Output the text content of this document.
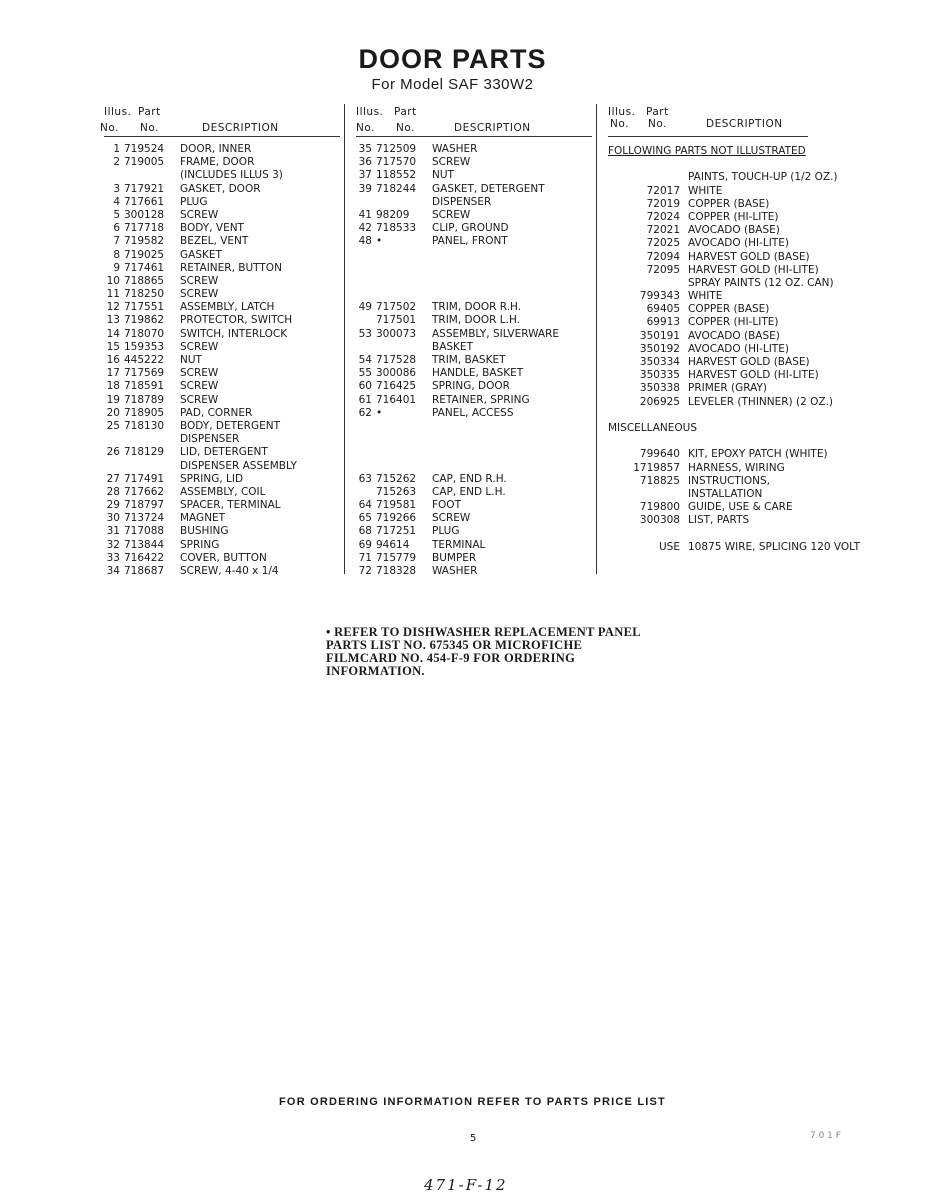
DOOR PARTS
For Model SAF 330W2
Illus. Part
No. No.	DESCRIPTION
1 719524	DOOR, INNER
2 719005	FRAME, DOOR
(INCLUDES ILLUS 3)
3 717921	GASKET, DOOR
4 717661	PLUG
5 300128	SCREW
6 717718	BODY, VENT
7 719582	BEZEL, VENT
8 719025	GASKET
9 717461	RETAINER, BUTTON
10 718865	SCREW
11 718250	SCREW
12 717551	ASSEMBLY, LATCH
13 719862	PROTECTOR, SWITCH
14 718070	SWITCH, INTERLOCK
15 159353	SCREW
16 445222	NUT
17 717569	SCREW
18 718591	SCREW
19 718789	SCREW
20 718905	PAD, CORNER
25 718130	BODY, DETERGENT
DISPENSER
26 718129	LID, DETERGENT
DISPENSER ASSEMBLY
27 717491	SPRING, LID
28 717662	ASSEMBLY, COIL
29 718797	SPACER, TERMINAL
30 713724	MAGNET
31 717088	BUSHING
32 713844	SPRING
33 716422	COVER, BUTTON
34 718687	SCREW, 4-40 x 1/4
Illus. Part
No. No.	DESCRIPTION
35 712509	WASHER
36 717570	SCREW
37 118552	NUT
39 718244	GASKET, DETERGENT
DISPENSER
41 98209	SCREW
42 718533	CLIP, GROUND
48 •	PANEL, FRONT
49 717502	TRIM, DOOR R.H.
717501	TRIM, DOOR L.H.
53 300073	ASSEMBLY, SILVERWARE
BASKET
54 717528	TRIM, BASKET
55 300086	HANDLE, BASKET
60 716425	SPRING, DOOR
61 716401	RETAINER, SPRING
62 •	PANEL, ACCESS
63 715262	CAP, END R.H.
715263	CAP, END L.H.
64 719581	FOOT
65 719266	SCREW
68 717251	PLUG
69 94614	TERMINAL
71 715779	BUMPER
72 718328	WASHER
Illus. Part
No. No.	DESCRIPTION
FOLLOWING PARTS NOT ILLUSTRATED
PAINTS, TOUCH-UP (1/2 OZ.)
72017 WHITE
72019 COPPER (BASE)
72024 COPPER (HI-LITE)
72021 AVOCADO (BASE)
72025 AVOCADO (HI-LITE)
72094 HARVEST GOLD (BASE)
72095 HARVEST GOLD (HI-LITE)
SPRAY PAINTS (12 OZ. CAN)
799343 WHITE
69405 COPPER (BASE)
69913 COPPER (HI-LITE)
350191 AVOCADO (BASE)
350192 AVOCADO (HI-LITE)
350334 HARVEST GOLD (BASE)
350335 HARVEST GOLD (HI-LITE)
350338 PRIMER (GRAY)
206925 LEVELER (THINNER) (2 OZ.)
MISCELLANEOUS
799640 KIT, EPOXY PATCH (WHITE)
1719857 HARNESS, WIRING
718825 INSTRUCTIONS,
INSTALLATION
719800 GUIDE, USE & CARE
300308 LIST, PARTS
USE 10875 WIRE, SPLICING 120 VOLT
• REFER TO DISHWASHER REPLACEMENT PANEL PARTS LIST NO. 675345 OR MICROFICHE FILMCARD NO. 454-F-9 FOR ORDERING INFORMATION.
FOR ORDERING INFORMATION REFER TO PARTS PRICE LIST
5	7 0 1 F
471-F-12
